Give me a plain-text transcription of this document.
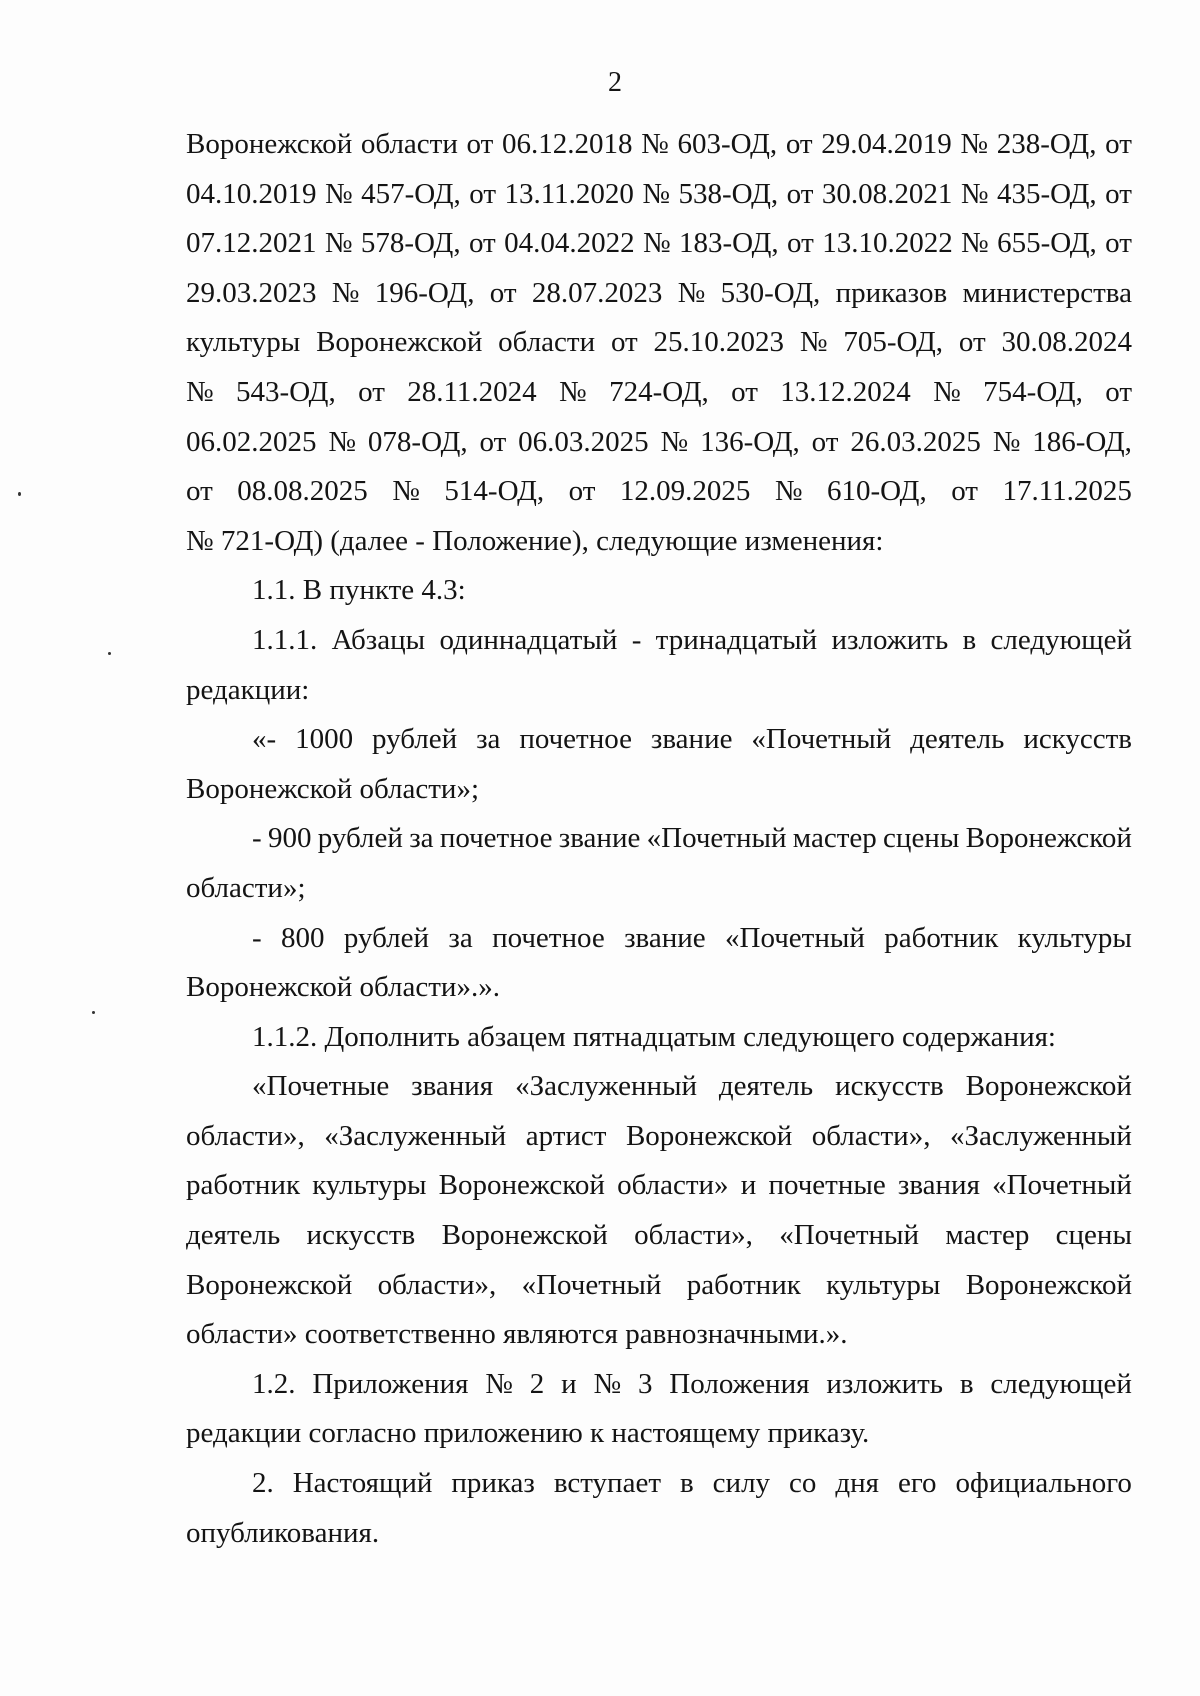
2
Воронежской области от 06.12.2018 № 603-ОД, от 29.04.2019 № 238-ОД, от
04.10.2019 № 457-ОД, от 13.11.2020 № 538-ОД, от 30.08.2021 № 435-ОД, от
07.12.2021 № 578-ОД, от 04.04.2022 № 183-ОД, от 13.10.2022 № 655-ОД, от
29.03.2023 № 196-ОД, от 28.07.2023 № 530-ОД, приказов министерства
культуры Воронежской области от 25.10.2023 № 705-ОД, от 30.08.2024
№ 543-ОД, от 28.11.2024 № 724-ОД, от 13.12.2024 № 754-ОД, от
06.02.2025 № 078-ОД, от 06.03.2025 № 136-ОД, от 26.03.2025 № 186-ОД,
от 08.08.2025 № 514-ОД, от 12.09.2025 № 610-ОД, от 17.11.2025
№ 721-ОД) (далее - Положение), следующие изменения:
1.1. В пункте 4.3:
1.1.1. Абзацы одиннадцатый - тринадцатый изложить в следующей
редакции:
«- 1000 рублей за почетное звание «Почетный деятель искусств
Воронежской области»;
- 900 рублей за почетное звание «Почетный мастер сцены Воронежской
области»;
- 800 рублей за почетное звание «Почетный работник культуры
Воронежской области».».
1.1.2. Дополнить абзацем пятнадцатым следующего содержания:
«Почетные звания «Заслуженный деятель искусств Воронежской
области», «Заслуженный артист Воронежской области», «Заслуженный
работник культуры Воронежской области» и почетные звания «Почетный
деятель искусств Воронежской области», «Почетный мастер сцены
Воронежской области», «Почетный работник культуры Воронежской
области» соответственно являются равнозначными.».
1.2. Приложения № 2 и № 3 Положения изложить в следующей
редакции согласно приложению к настоящему приказу.
2. Настоящий приказ вступает в силу со дня его официального
опубликования.
